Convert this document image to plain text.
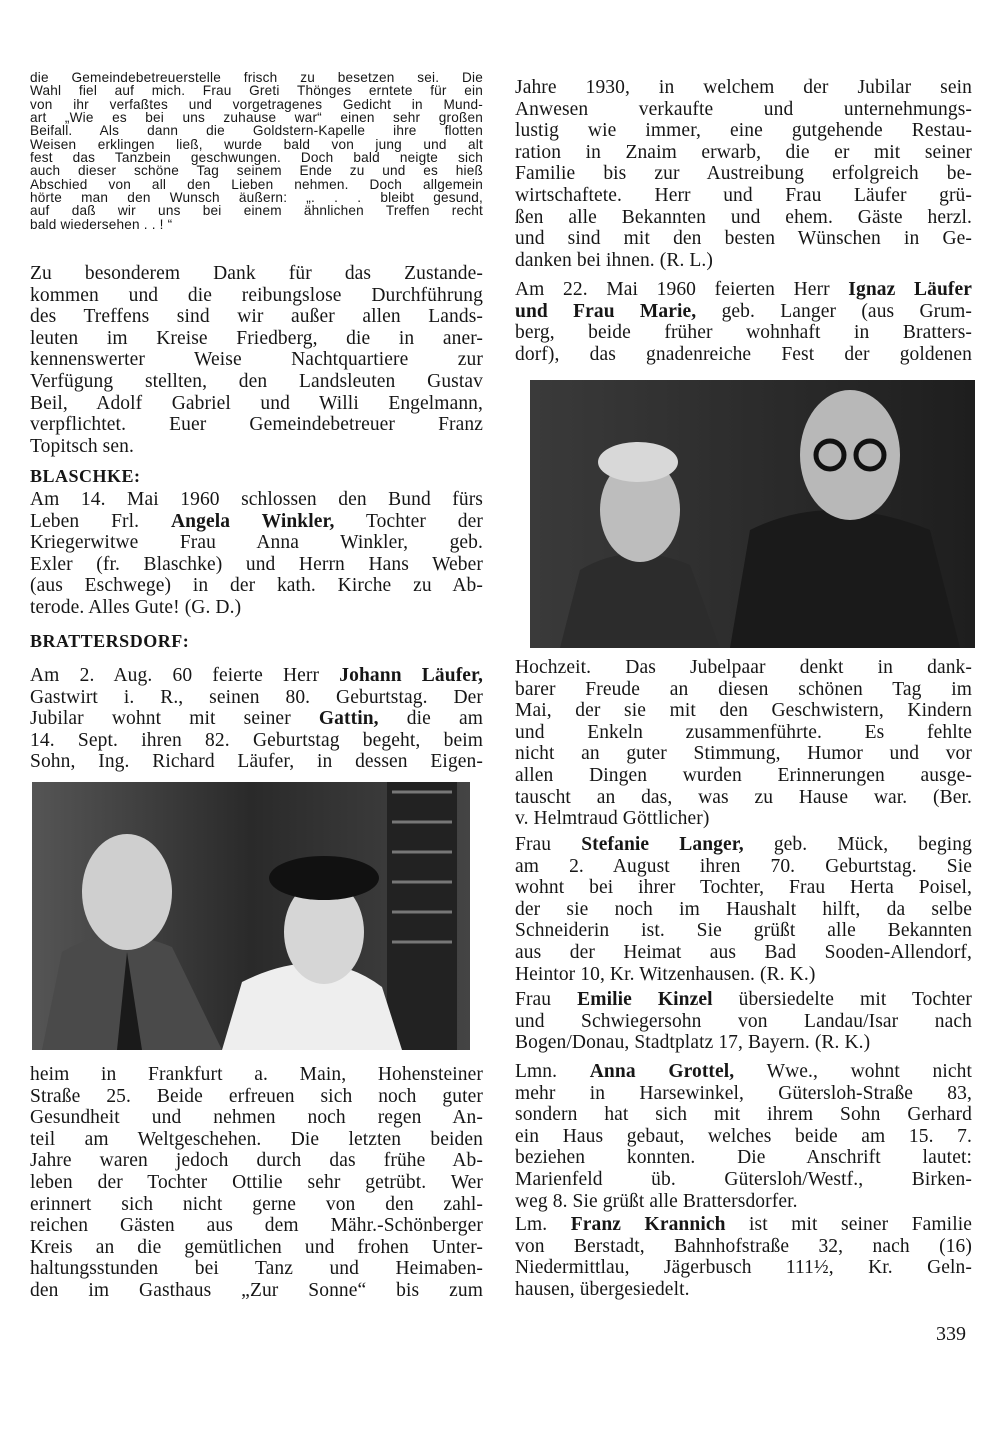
die Gemeindebetreuerstelle frisch zu besetzen sei. Die
Wahl fiel auf mich. Frau Greti Thönges erntete für ein
von ihr verfaßtes und vorgetragenes Gedicht in Mund-
art „Wie es bei uns zuhause war“ einen sehr großen
Beifall. Als dann die Goldstern-Kapelle ihre flotten
Weisen erklingen ließ, wurde bald von jung und alt
fest das Tanzbein geschwungen. Doch bald neigte sich
auch dieser schöne Tag seinem Ende zu und es hieß
Abschied von all den Lieben nehmen. Doch allgemein
hörte man den Wunsch äußern: „. . . bleibt gesund,
auf daß wir uns bei einem ähnlichen Treffen recht
bald wiedersehen . . ! “
Zu besonderem Dank für das Zustande-
kommen und die reibungslose Durchführung
des Treffens sind wir außer allen Lands-
leuten im Kreise Friedberg, die in aner-
kennenswerter Weise Nachtquartiere zur
Verfügung stellten, den Landsleuten Gustav
Beil, Adolf Gabriel und Willi Engelmann,
verpflichtet. Euer Gemeindebetreuer Franz
Topitsch sen.
BLASCHKE:
Am 14. Mai 1960 schlossen den Bund fürs
Leben Frl. Angela Winkler, Tochter der
Kriegerwitwe Frau Anna Winkler, geb.
Exler (fr. Blaschke) und Herrn Hans Weber
(aus Eschwege) in der kath. Kirche zu Ab-
terode. Alles Gute! (G. D.)
BRATTERSDORF:
Am 2. Aug. 60 feierte Herr Johann Läufer,
Gastwirt i. R., seinen 80. Geburtstag. Der
Jubilar wohnt mit seiner Gattin, die am
14. Sept. ihren 82. Geburtstag begeht, beim
Sohn, Ing. Richard Läufer, in dessen Eigen-
heim in Frankfurt a. Main, Hohensteiner
Straße 25. Beide erfreuen sich noch guter
Gesundheit und nehmen noch regen An-
teil am Weltgeschehen. Die letzten beiden
Jahre waren jedoch durch das frühe Ab-
leben der Tochter Ottilie sehr getrübt. Wer
erinnert sich nicht gerne von den zahl-
reichen Gästen aus dem Mähr.-Schönberger
Kreis an die gemütlichen und frohen Unter-
haltungsstunden bei Tanz und Heimaben-
den im Gasthaus „Zur Sonne“ bis zum
Jahre 1930, in welchem der Jubilar sein
Anwesen verkaufte und unternehmungs-
lustig wie immer, eine gutgehende Restau-
ration in Znaim erwarb, die er mit seiner
Familie bis zur Austreibung erfolgreich be-
wirtschaftete. Herr und Frau Läufer grü-
ßen alle Bekannten und ehem. Gäste herzl.
und sind mit den besten Wünschen in Ge-
danken bei ihnen. (R. L.)
Am 22. Mai 1960 feierten Herr Ignaz Läufer
und Frau Marie, geb. Langer (aus Grum-
berg, beide früher wohnhaft in Bratters-
dorf), das gnadenreiche Fest der goldenen
Hochzeit. Das Jubelpaar denkt in dank-
barer Freude an diesen schönen Tag im
Mai, der sie mit den Geschwistern, Kindern
und Enkeln zusammenführte. Es fehlte
nicht an guter Stimmung, Humor und vor
allen Dingen wurden Erinnerungen ausge-
tauscht an das, was zu Hause war. (Ber.
v. Helmtraud Göttlicher)
Frau Stefanie Langer, geb. Mück, beging
am 2. August ihren 70. Geburtstag. Sie
wohnt bei ihrer Tochter, Frau Herta Poisel,
der sie noch im Haushalt hilft, da selbe
Schneiderin ist. Sie grüßt alle Bekannten
aus der Heimat aus Bad Sooden-Allendorf,
Heintor 10, Kr. Witzenhausen. (R. K.)
Frau Emilie Kinzel übersiedelte mit Tochter
und Schwiegersohn von Landau/Isar nach
Bogen/Donau, Stadtplatz 17, Bayern. (R. K.)
Lmn. Anna Grottel, Wwe., wohnt nicht
mehr in Harsewinkel, Gütersloh-Straße 83,
sondern hat sich mit ihrem Sohn Gerhard
ein Haus gebaut, welches beide am 15. 7.
beziehen konnten. Die Anschrift lautet:
Marienfeld üb. Gütersloh/Westf., Birken-
weg 8. Sie grüßt alle Brattersdorfer.
Lm. Franz Krannich ist mit seiner Familie
von Berstadt, Bahnhofstraße 32, nach (16)
Niedermittlau, Jägerbusch 111½, Kr. Geln-
hausen, übergesiedelt.
339
